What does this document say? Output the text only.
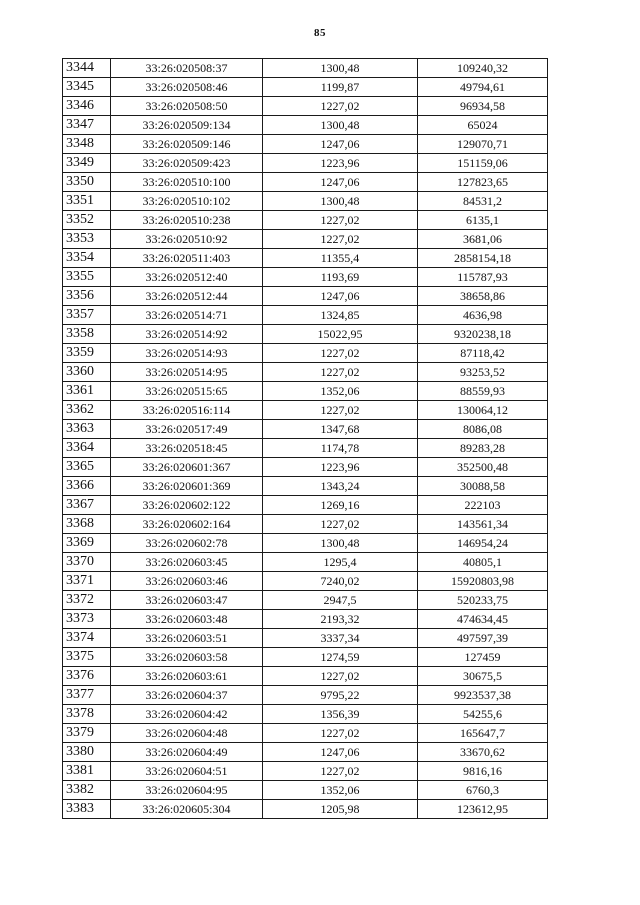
85
3344	33:26:020508:37	1300,48	109240,32
3345	33:26:020508:46	1199,87	49794,61
3346	33:26:020508:50	1227,02	96934,58
3347	33:26:020509:134	1300,48	65024
3348	33:26:020509:146	1247,06	129070,71
3349	33:26:020509:423	1223,96	151159,06
3350	33:26:020510:100	1247,06	127823,65
3351	33:26:020510:102	1300,48	84531,2
3352	33:26:020510:238	1227,02	6135,1
3353	33:26:020510:92	1227,02	3681,06
3354	33:26:020511:403	11355,4	2858154,18
3355	33:26:020512:40	1193,69	115787,93
3356	33:26:020512:44	1247,06	38658,86
3357	33:26:020514:71	1324,85	4636,98
3358	33:26:020514:92	15022,95	9320238,18
3359	33:26:020514:93	1227,02	87118,42
3360	33:26:020514:95	1227,02	93253,52
3361	33:26:020515:65	1352,06	88559,93
3362	33:26:020516:114	1227,02	130064,12
3363	33:26:020517:49	1347,68	8086,08
3364	33:26:020518:45	1174,78	89283,28
3365	33:26:020601:367	1223,96	352500,48
3366	33:26:020601:369	1343,24	30088,58
3367	33:26:020602:122	1269,16	222103
3368	33:26:020602:164	1227,02	143561,34
3369	33:26:020602:78	1300,48	146954,24
3370	33:26:020603:45	1295,4	40805,1
3371	33:26:020603:46	7240,02	15920803,98
3372	33:26:020603:47	2947,5	520233,75
3373	33:26:020603:48	2193,32	474634,45
3374	33:26:020603:51	3337,34	497597,39
3375	33:26:020603:58	1274,59	127459
3376	33:26:020603:61	1227,02	30675,5
3377	33:26:020604:37	9795,22	9923537,38
3378	33:26:020604:42	1356,39	54255,6
3379	33:26:020604:48	1227,02	165647,7
3380	33:26:020604:49	1247,06	33670,62
3381	33:26:020604:51	1227,02	9816,16
3382	33:26:020604:95	1352,06	6760,3
3383	33:26:020605:304	1205,98	123612,95
